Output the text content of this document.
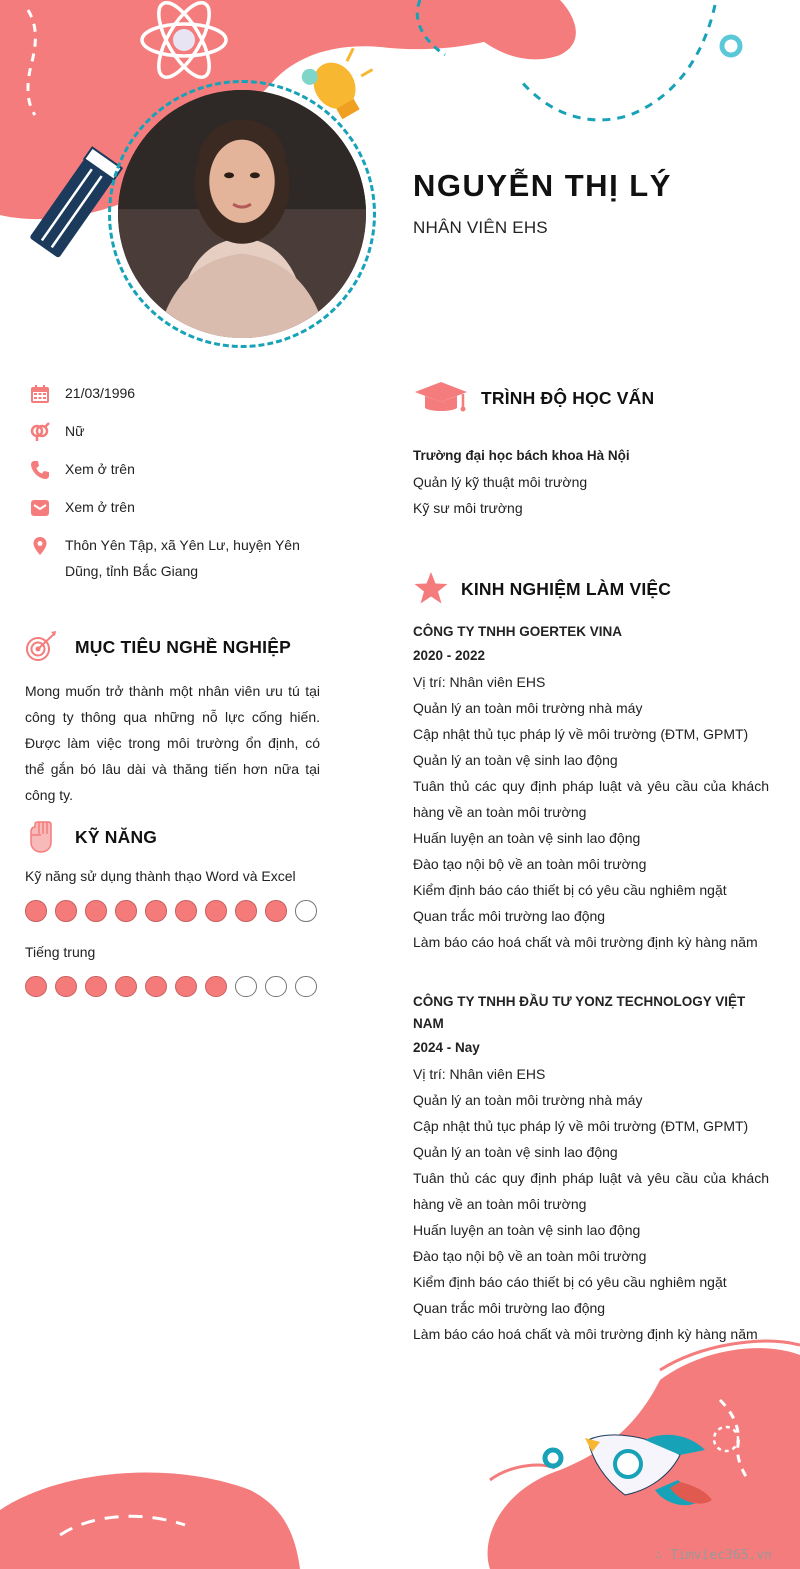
NGUYỄN THỊ LÝ
NHÂN VIÊN EHS
21/03/1996
Nữ
Xem ở trên
Xem ở trên
Thôn Yên Tập, xã Yên Lư, huyện Yên Dũng, tỉnh Bắc Giang
MỤC TIÊU NGHỀ NGHIỆP
Mong muốn trở thành một nhân viên ưu tú tại công ty thông qua những nỗ lực cống hiến. Được làm việc trong môi trường ổn định, có thể gắn bó lâu dài và thăng tiến hơn nữa tại công ty.
KỸ NĂNG
Kỹ năng sử dụng thành thạo Word và Excel
Tiếng trung
TRÌNH ĐỘ HỌC VẤN
Trường đại học bách khoa Hà Nội
Quản lý kỹ thuật môi trường
Kỹ sư môi trường
KINH NGHIỆM LÀM VIỆC
CÔNG TY TNHH GOERTEK VINA
2020 - 2022
Vị trí: Nhân viên EHS
Quản lý an toàn môi trường nhà máy
Cập nhật thủ tục pháp lý về môi trường (ĐTM, GPMT)
Quản lý an toàn vệ sinh lao động
Tuân thủ các quy định pháp luật và yêu cầu của khách hàng về an toàn môi trường
Huấn luyện an toàn vệ sinh lao động
Đào tạo nội bộ về an toàn môi trường
Kiểm định báo cáo thiết bị có yêu cầu nghiêm ngặt
Quan trắc môi trường lao động
Làm báo cáo hoá chất và môi trường định kỳ hàng năm
CÔNG TY TNHH ĐẦU TƯ YONZ TECHNOLOGY VIỆT NAM
2024 - Nay
Vị trí: Nhân viên EHS
Quản lý an toàn môi trường nhà máy
Cập nhật thủ tục pháp lý về môi trường (ĐTM, GPMT)
Quản lý an toàn vệ sinh lao động
Tuân thủ các quy định pháp luật và yêu cầu của khách hàng về an toàn môi trường
Huấn luyện an toàn vệ sinh lao động
Đào tạo nội bộ về an toàn môi trường
Kiểm định báo cáo thiết bị có yêu cầu nghiêm ngặt
Quan trắc môi trường lao động
Làm báo cáo hoá chất và môi trường định kỳ hàng năm
∴ Timviec365.vn
